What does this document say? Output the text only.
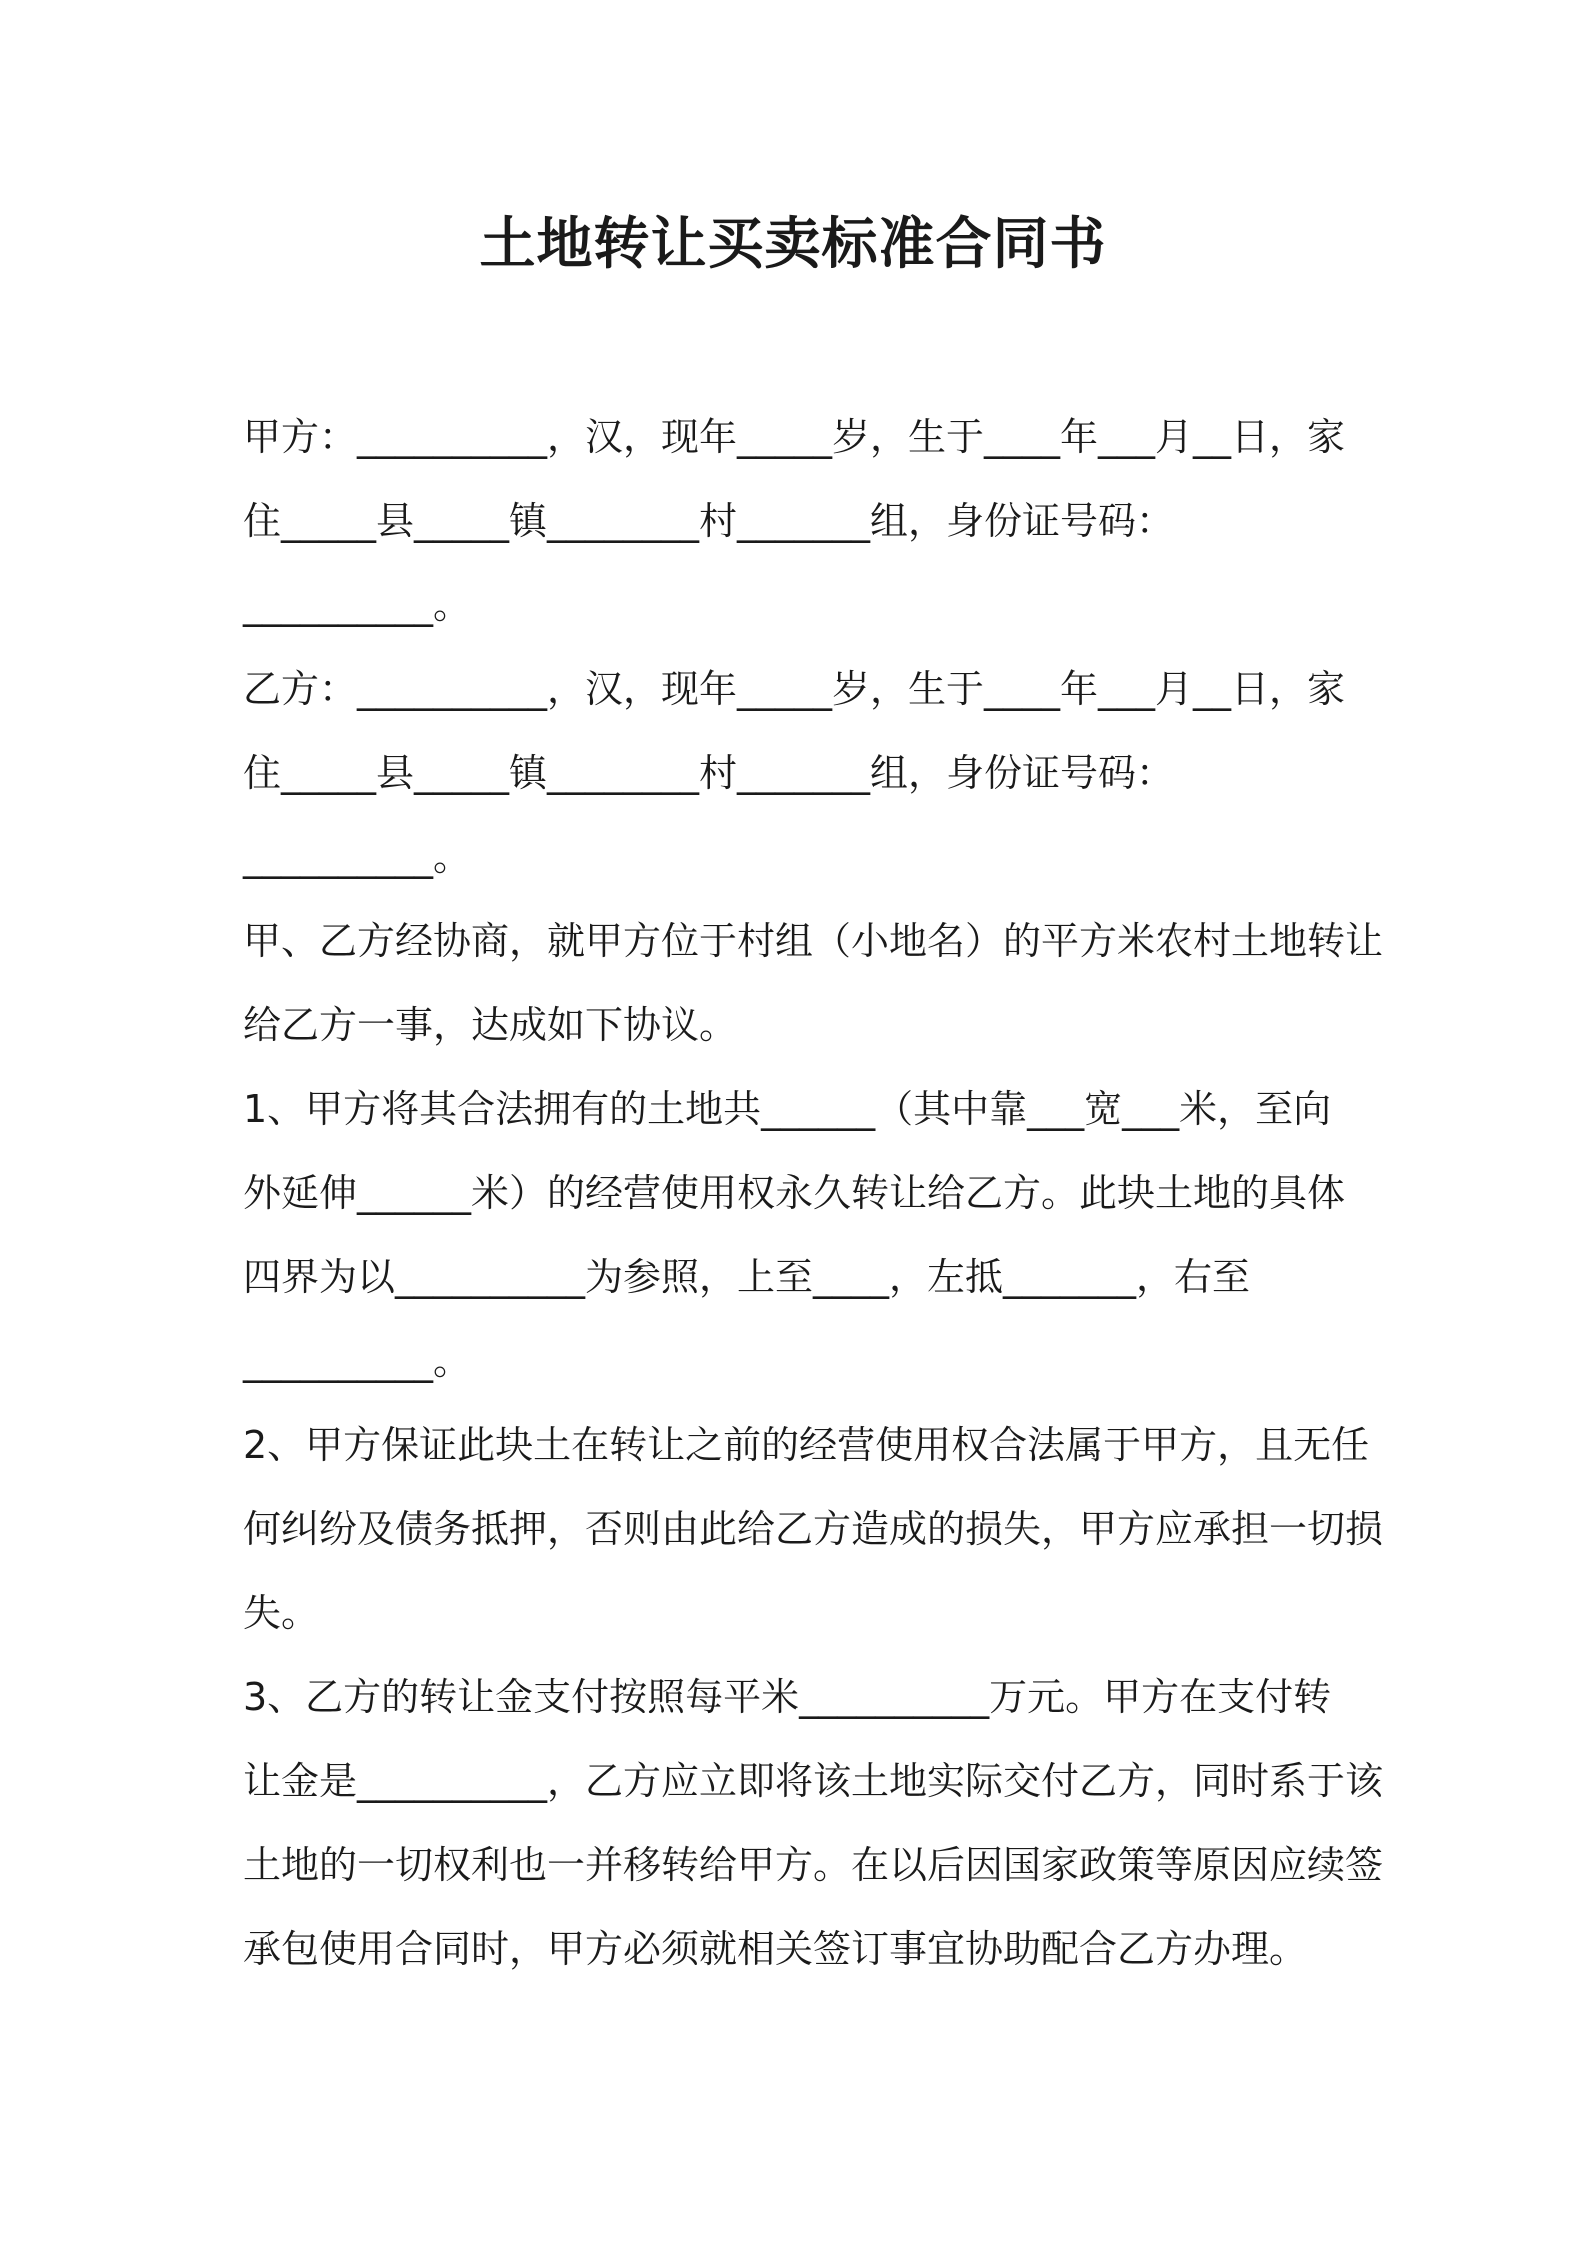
土地转让买卖标准合同书
甲方：__________，汉，现年_____岁，生于____年___月__日，家
住_____县_____镇________村_______组，身份证号码：
__________。
乙方：__________，汉，现年_____岁，生于____年___月__日，家
住_____县_____镇________村_______组，身份证号码：
__________。
甲、乙方经协商，就甲方位于村组（小地名）的平方米农村土地转让
给乙方一事，达成如下协议。
1、甲方将其合法拥有的土地共______（其中靠___宽___米，至向
外延伸______米）的经营使用权永久转让给乙方。此块土地的具体
四界为以__________为参照，上至____，左抵_______，右至
__________。
2、甲方保证此块土在转让之前的经营使用权合法属于甲方，且无任
何纠纷及债务抵押，否则由此给乙方造成的损失，甲方应承担一切损
失。
3、乙方的转让金支付按照每平米__________万元。甲方在支付转
让金是__________，乙方应立即将该土地实际交付乙方，同时系于该
土地的一切权利也一并移转给甲方。在以后因国家政策等原因应续签
承包使用合同时，甲方必须就相关签订事宜协助配合乙方办理。
